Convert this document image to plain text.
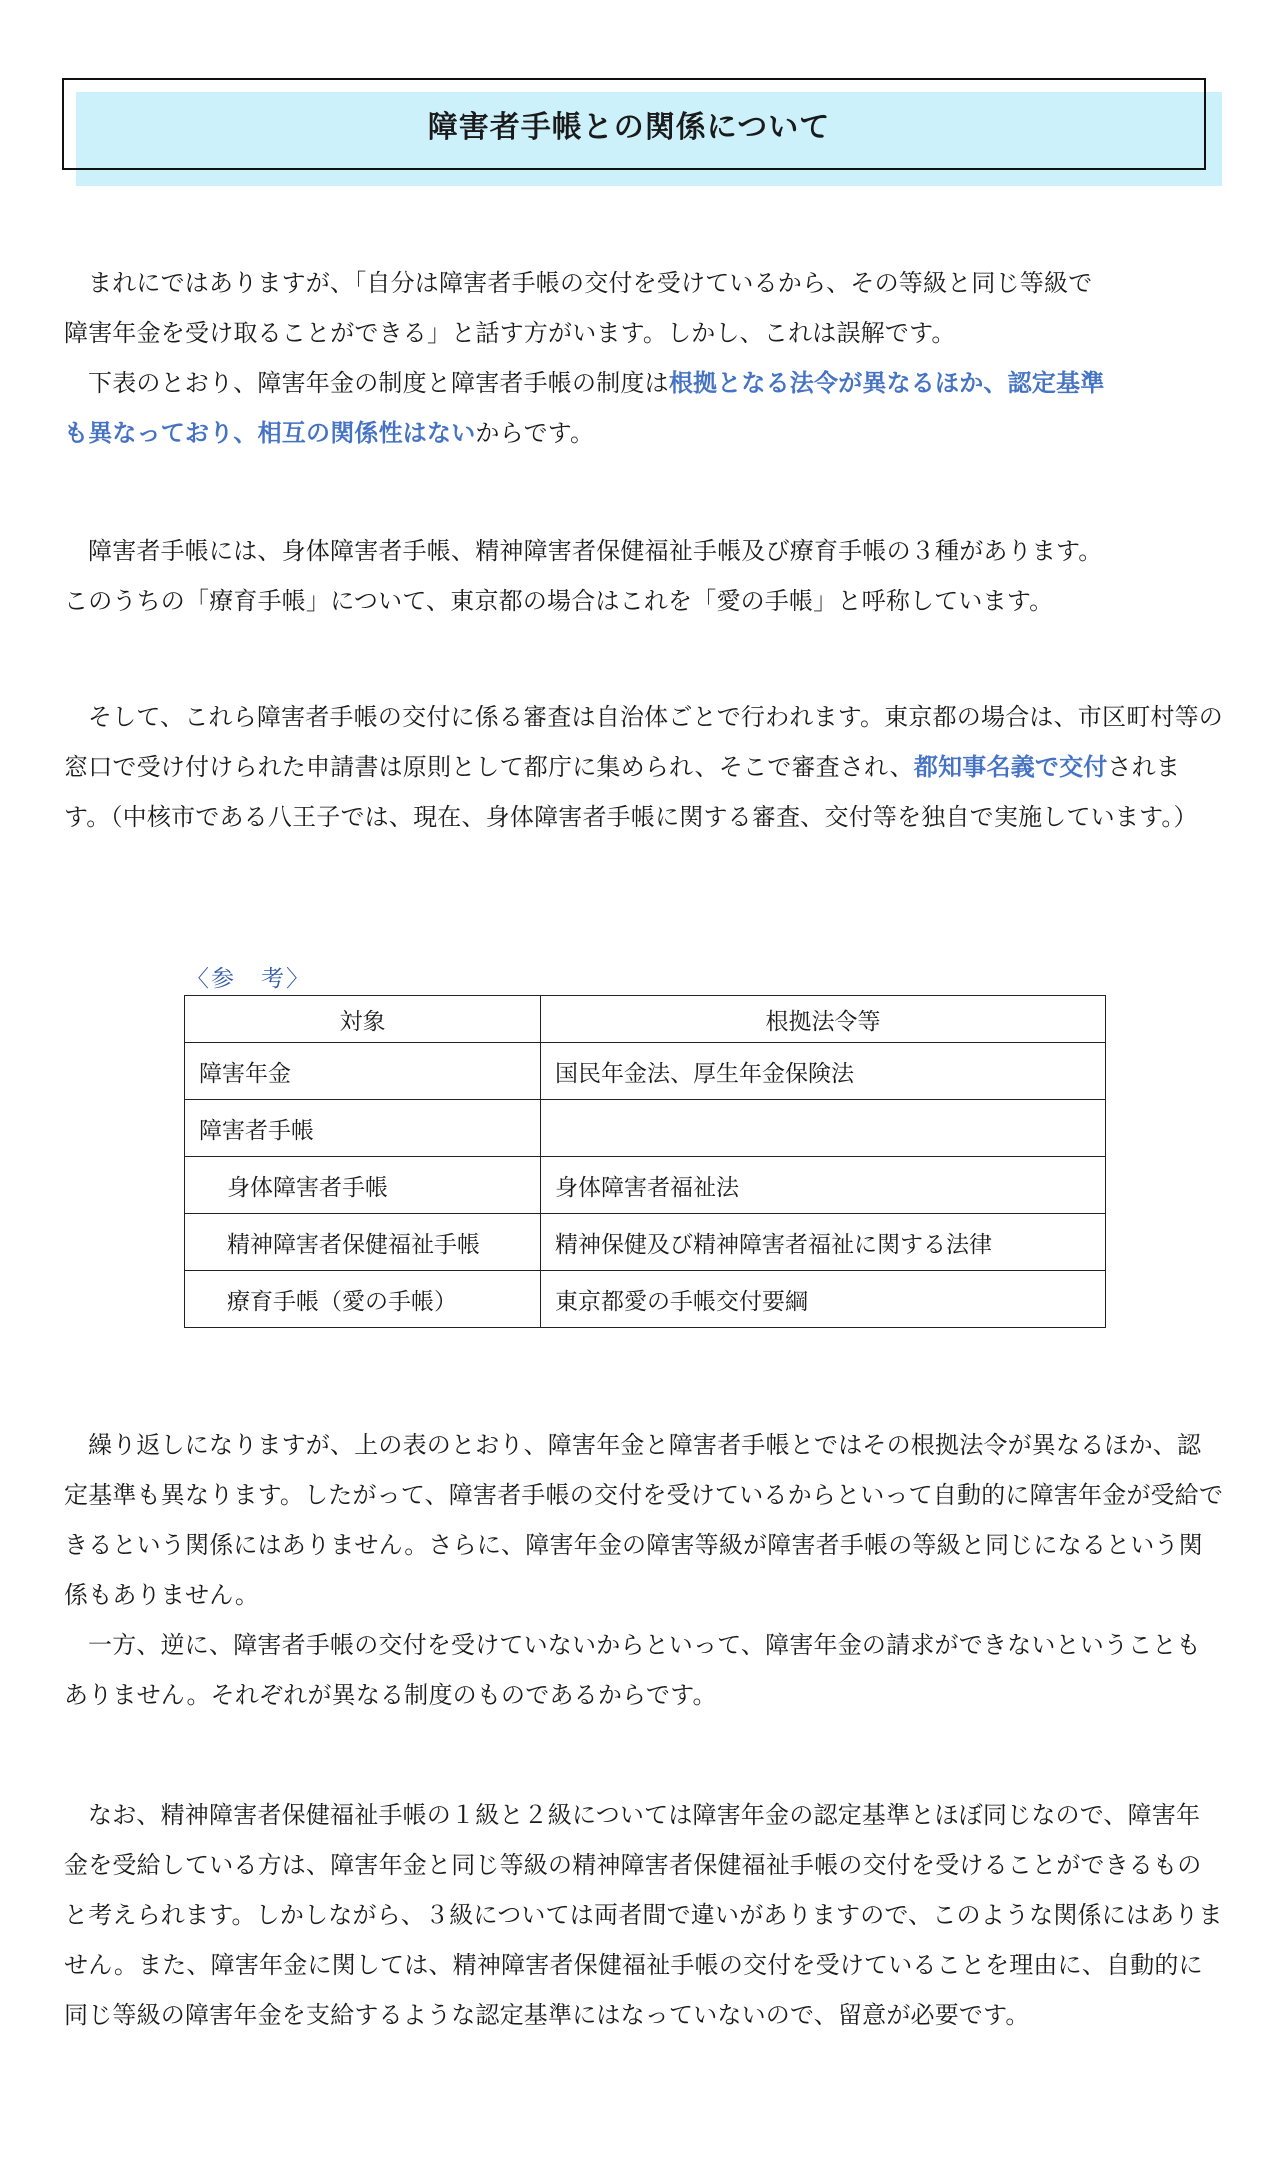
障害者手帳との関係について

まれにではありますが、「自分は障害者手帳の交付を受けているから、その等級と同じ等級で
障害年金を受け取ることができる」と話す方がいます。しかし、これは誤解です。

下表のとおり、障害年金の制度と障害者手帳の制度は根拠となる法令が異なるほか、認定基準
も異なっており、相互の関係性はないからです。

障害者手帳には、身体障害者手帳、精神障害者保健福祉手帳及び療育手帳の３種があります。
このうちの「療育手帳」について、東京都の場合はこれを「愛の手帳」と呼称しています。

そして、これら障害者手帳の交付に係る審査は自治体ごとで行われます。東京都の場合は、市区町村等の窓口で受け付けられた申請書は原則として都庁に集められ、そこで審査され、都知事名義で交付されます。（中核市である八王子では、現在、身体障害者手帳に関する審査、交付等を独自で実施しています。）

〈参　考〉
対象	根拠法令等
障害年金	国民年金法、厚生年金保険法
障害者手帳	
身体障害者手帳	身体障害者福祉法
精神障害者保健福祉手帳	精神保健及び精神障害者福祉に関する法律
療育手帳（愛の手帳）	東京都愛の手帳交付要綱

繰り返しになりますが、上の表のとおり、障害年金と障害者手帳とではその根拠法令が異なるほか、認定基準も異なります。したがって、障害者手帳の交付を受けているからといって自動的に障害年金が受給できるという関係にはありません。さらに、障害年金の障害等級が障害者手帳の等級と同じになるという関係もありません。

一方、逆に、障害者手帳の交付を受けていないからといって、障害年金の請求ができないということもありません。それぞれが異なる制度のものであるからです。

なお、精神障害者保健福祉手帳の１級と２級については障害年金の認定基準とほぼ同じなので、障害年金を受給している方は、障害年金と同じ等級の精神障害者保健福祉手帳の交付を受けることができるものと考えられます。しかしながら、３級については両者間で違いがありますので、このような関係にはありません。また、障害年金に関しては、精神障害者保健福祉手帳の交付を受けていることを理由に、自動的に同じ等級の障害年金を支給するような認定基準にはなっていないので、留意が必要です。
